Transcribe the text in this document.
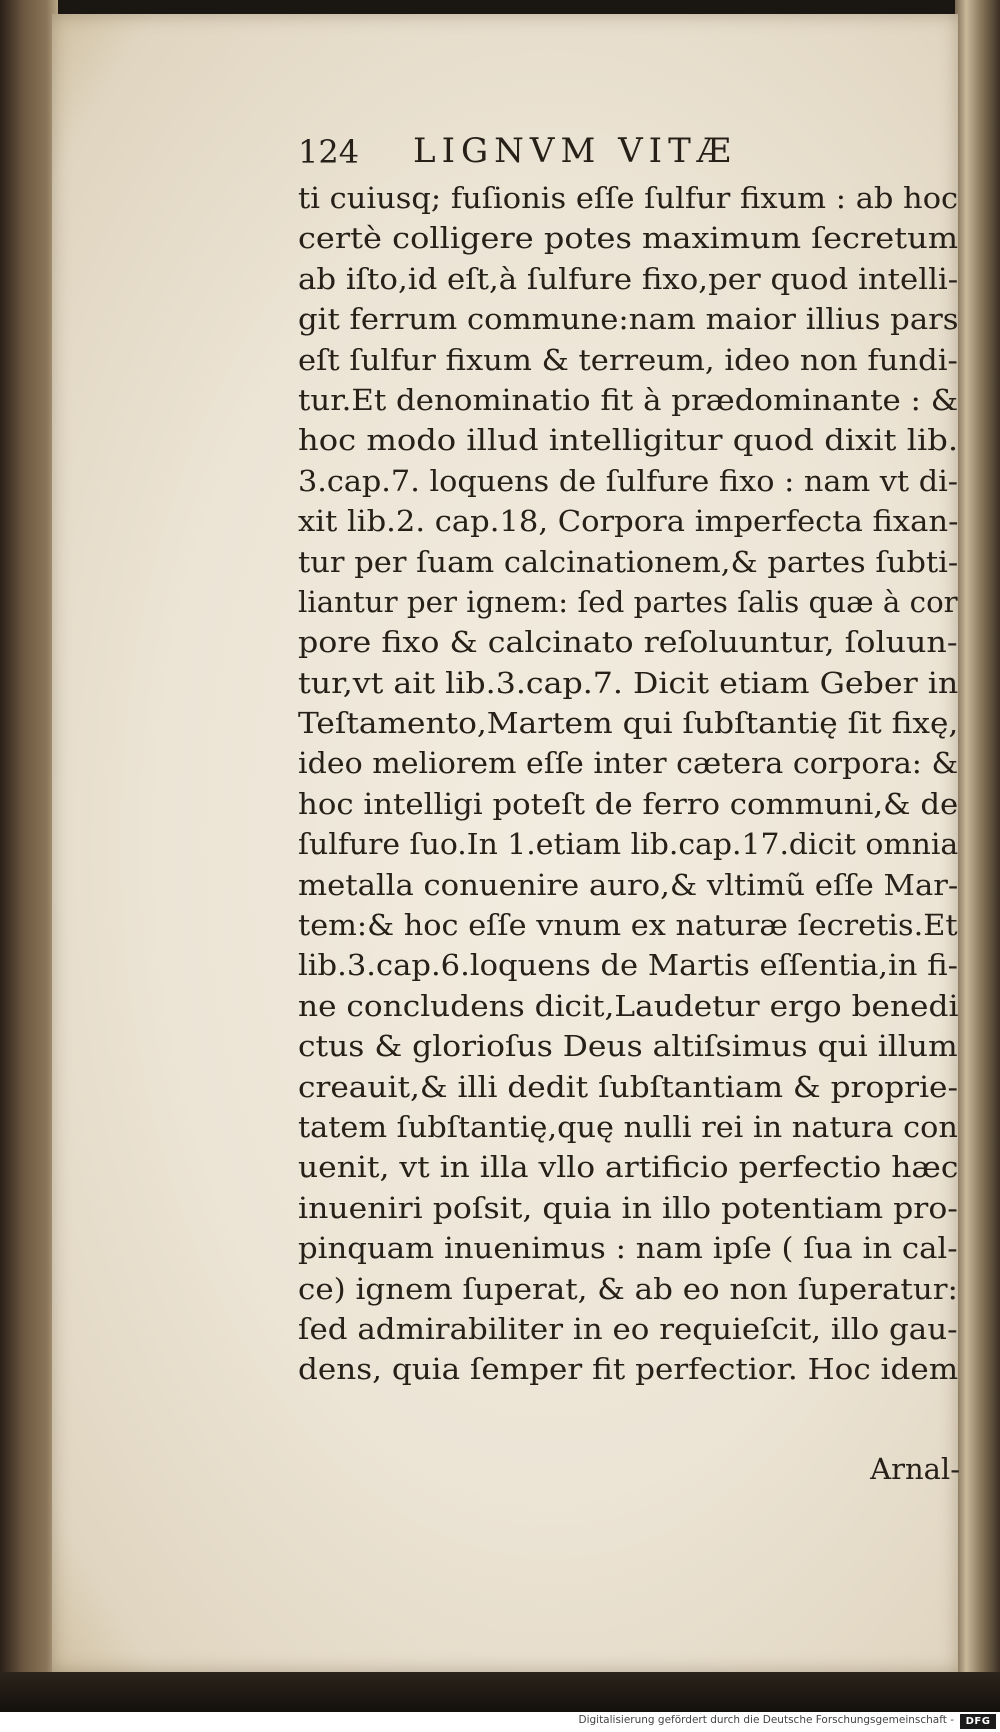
124 LIGNVM VITÆ
ti cuiusq; fuſionis eſſe ſulfur fixum : ab hoc
certè colligere potes maximum ſecretum
ab iſto,id eſt,à ſulfure fixo,per quod intelli-
git ferrum commune:nam maior illius pars
eſt ſulfur fixum & terreum, ideo non fundi-
tur.Et denominatio fit à prædominante : &
hoc modo illud intelligitur quod dixit lib.
3.cap.7. loquens de ſulfure fixo : nam vt di-
xit lib.2. cap.18, Corpora imperfecta fixan-
tur per ſuam calcinationem,& partes ſubti-
liantur per ignem: ſed partes ſalis quæ à cor
pore fixo & calcinato reſoluuntur, ſoluun-
tur,vt ait lib.3.cap.7. Dicit etiam Geber in
Teſtamento,Martem qui ſubſtantię ſit fixę,
ideo meliorem eſſe inter cætera corpora: &
hoc intelligi poteſt de ferro communi,& de
ſulfure ſuo.In 1.etiam lib.cap.17.dicit omnia
metalla conuenire auro,& vltimũ eſſe Mar-
tem:& hoc eſſe vnum ex naturæ ſecretis.Et
lib.3.cap.6.loquens de Martis eſſentia,in fi-
ne concludens dicit,Laudetur ergo benedi
ctus & glorioſus Deus altiſsimus qui illum
creauit,& illi dedit ſubſtantiam & proprie-
tatem ſubſtantię,quę nulli rei in natura con
uenit, vt in illa vllo artificio perfectio hæc
inueniri poſsit, quia in illo potentiam pro-
pinquam inuenimus : nam ipſe ( ſua in cal-
ce) ignem ſuperat, & ab eo non ſuperatur:
ſed admirabiliter in eo requieſcit, illo gau-
dens, quia ſemper fit perfectior. Hoc idem
Arnal-
Digitalisierung gefördert durch die Deutsche Forschungsgemeinschaft -	DFG
